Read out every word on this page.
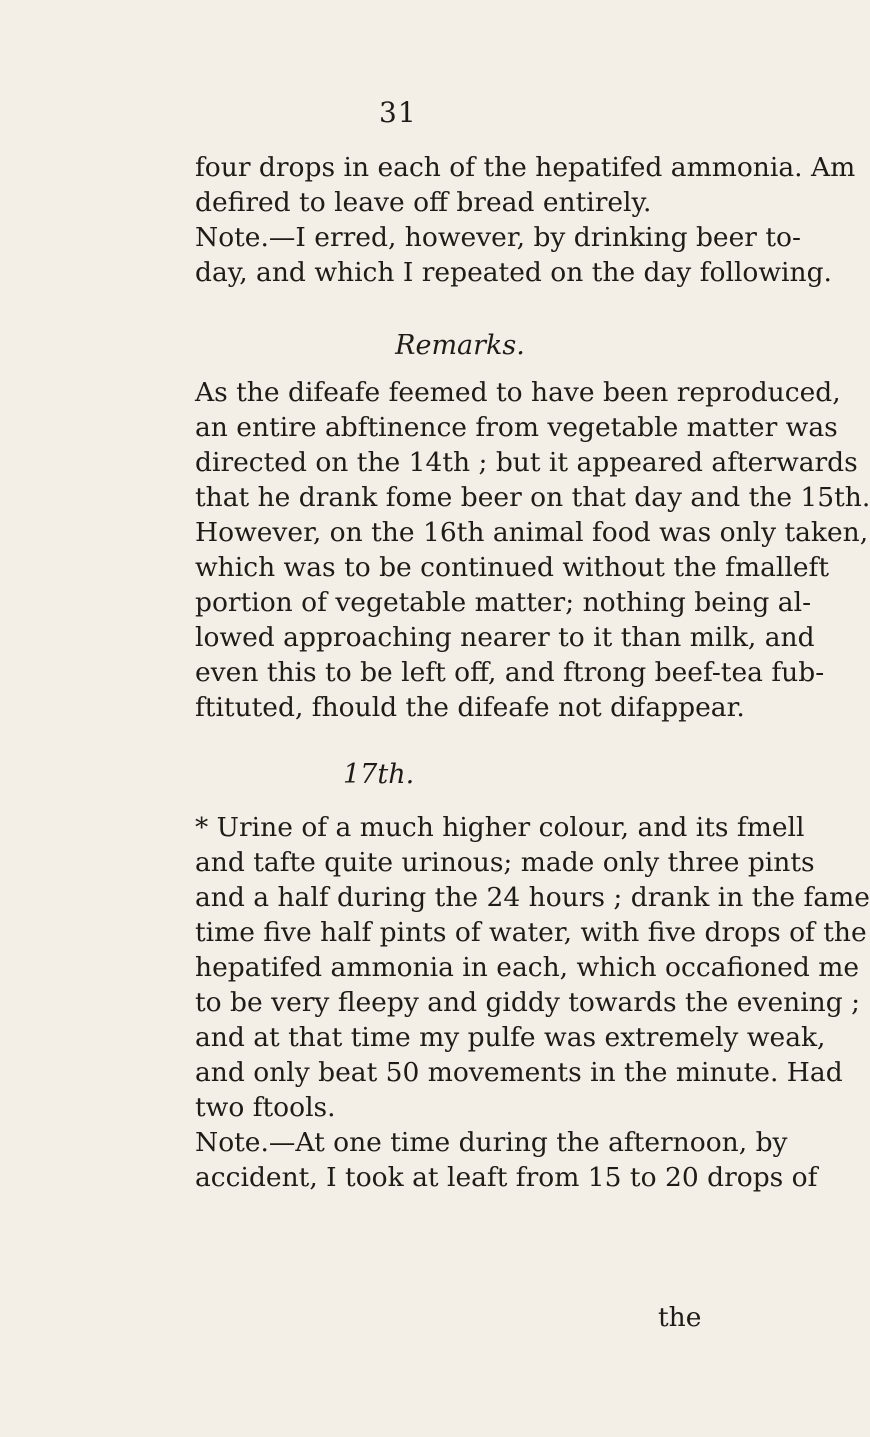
31
four drops in each of the hepatifed ammonia. Am
defired to leave off bread entirely.
Note.—I erred, however, by drinking beer to-
day, and which I repeated on the day following.
Remarks.
As the difeafe feemed to have been reproduced,
an entire abftinence from vegetable matter was
directed on the 14th ; but it appeared afterwards
that he drank fome beer on that day and the 15th.
However, on the 16th animal food was only taken,
which was to be continued without the fmalleft
portion of vegetable matter; nothing being al-
lowed approaching nearer to it than milk, and
even this to be left off, and ftrong beef-tea fub-
ftituted, fhould the difeafe not difappear.
17th.
* Urine of a much higher colour, and its fmell
and tafte quite urinous; made only three pints
and a half during the 24 hours ; drank in the fame
time five half pints of water, with five drops of the
hepatifed ammonia in each, which occafioned me
to be very fleepy and giddy towards the evening ;
and at that time my pulfe was extremely weak,
and only beat 50 movements in the minute. Had
two ftools.
Note.—At one time during the afternoon, by
accident, I took at leaft from 15 to 20 drops of
the
